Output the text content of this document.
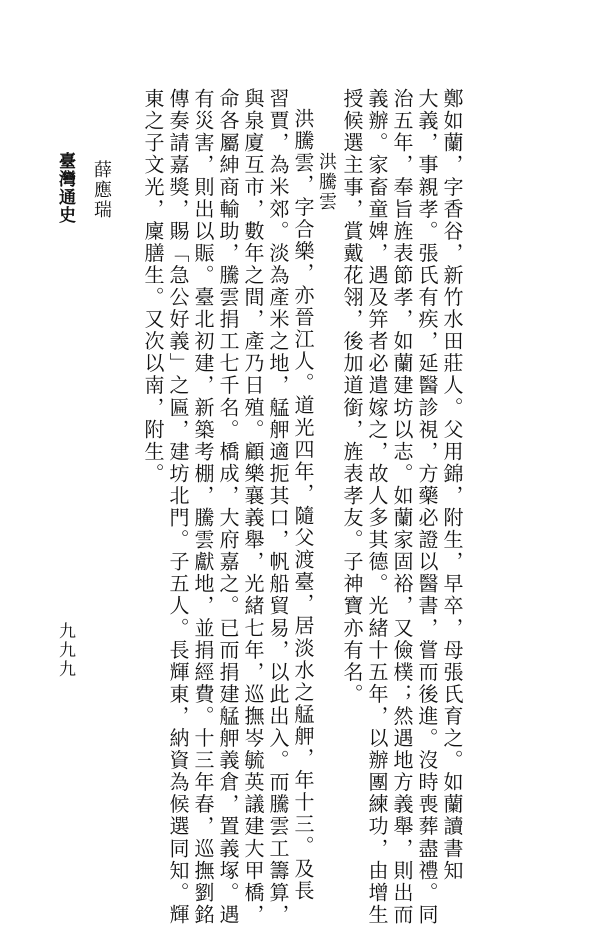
鄭如蘭，字香谷，新竹水田莊人。父用錦，附生，早卒，母張氏育之。如蘭讀書知
大義，事親孝。張氏有疾，延醫診視，方藥必證以醫書，嘗而後進。沒時喪葬盡禮。同
治五年，奉旨旌表節孝，如蘭建坊以志。如蘭家固裕，又儉樸；然遇地方義舉，則出而
義辦。家畜童婢，遇及笄者必遣嫁之，故人多其德。光緒十五年，以辦團練功，由增生
授候選主事，賞戴花翎，後加道銜，旌表孝友。子神寶亦有名。
洪騰雲
洪騰雲，字合樂，亦晉江人。道光四年，隨父渡臺，居淡水之艋舺，年十三。及長
習賈，為米郊。淡為產米之地，艋舺適扼其口，帆船貿易，以此出入。而騰雲工籌算，
與泉廈互市，數年之間，產乃日殖。顧樂襄義舉，光緒七年，巡撫岑毓英議建大甲橋，
命各屬紳商輸助，騰雲捐工七千名。橋成，大府嘉之。已而捐建艋舺義倉，置義塚。遇
有災害，則出以賑。臺北初建，新築考棚，騰雲獻地，並捐經費。十三年春，巡撫劉銘
傳奏請嘉獎，賜「急公好義」之匾，建坊北門。子五人。長輝東，納資為候選同知。輝
東之子文光，廩膳生。又次以南，附生。
薛應瑞
臺灣通史
九九九
